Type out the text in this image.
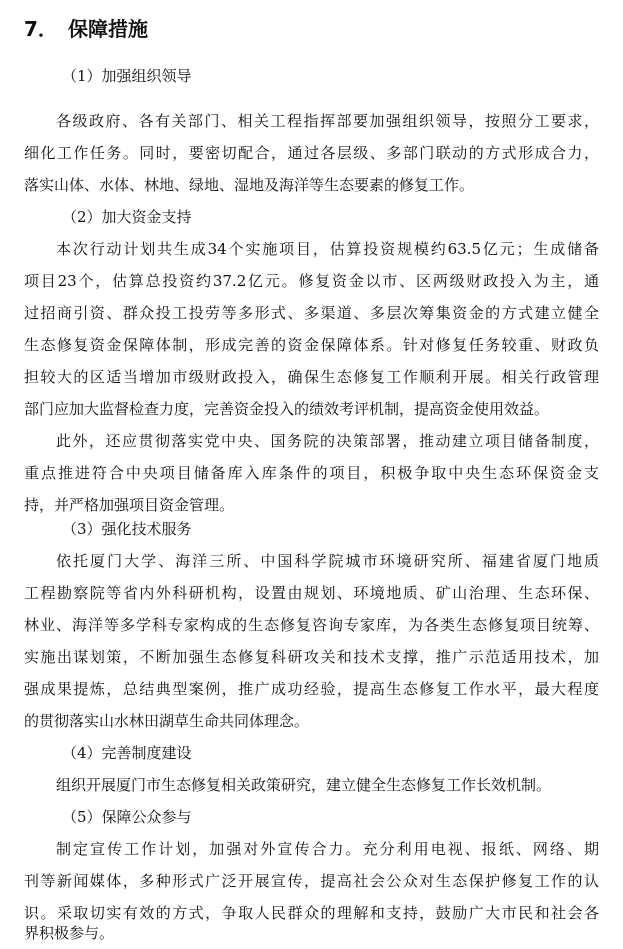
7． 保障措施
（1）加强组织领导
各级政府、各有关部门、相关工程指挥部要加强组织领导，按照分工要求，
细化工作任务。同时，要密切配合，通过各层级、多部门联动的方式形成合力，
落实山体、水体、林地、绿地、湿地及海洋等生态要素的修复工作。
（2）加大资金支持
本次行动计划共生成34个实施项目，估算投资规模约63.5亿元；生成储备
项目23个，估算总投资约37.2亿元。修复资金以市、区两级财政投入为主，通
过招商引资、群众投工投劳等多形式、多渠道、多层次筹集资金的方式建立健全
生态修复资金保障体制，形成完善的资金保障体系。针对修复任务较重、财政负
担较大的区适当增加市级财政投入，确保生态修复工作顺利开展。相关行政管理
部门应加大监督检查力度，完善资金投入的绩效考评机制，提高资金使用效益。
此外，还应贯彻落实党中央、国务院的决策部署，推动建立项目储备制度，
重点推进符合中央项目储备库入库条件的项目，积极争取中央生态环保资金支
持，并严格加强项目资金管理。
（3）强化技术服务
依托厦门大学、海洋三所、中国科学院城市环境研究所、福建省厦门地质
工程勘察院等省内外科研机构，设置由规划、环境地质、矿山治理、生态环保、
林业、海洋等多学科专家构成的生态修复咨询专家库，为各类生态修复项目统筹、
实施出谋划策，不断加强生态修复科研攻关和技术支撑，推广示范适用技术，加
强成果提炼，总结典型案例，推广成功经验，提高生态修复工作水平，最大程度
的贯彻落实山水林田湖草生命共同体理念。
（4）完善制度建设
组织开展厦门市生态修复相关政策研究，建立健全生态修复工作长效机制。
（5）保障公众参与
制定宣传工作计划，加强对外宣传合力。充分利用电视、报纸、网络、期
刊等新闻媒体，多种形式广泛开展宣传，提高社会公众对生态保护修复工作的认
识。采取切实有效的方式，争取人民群众的理解和支持，鼓励广大市民和社会各
界积极参与。
